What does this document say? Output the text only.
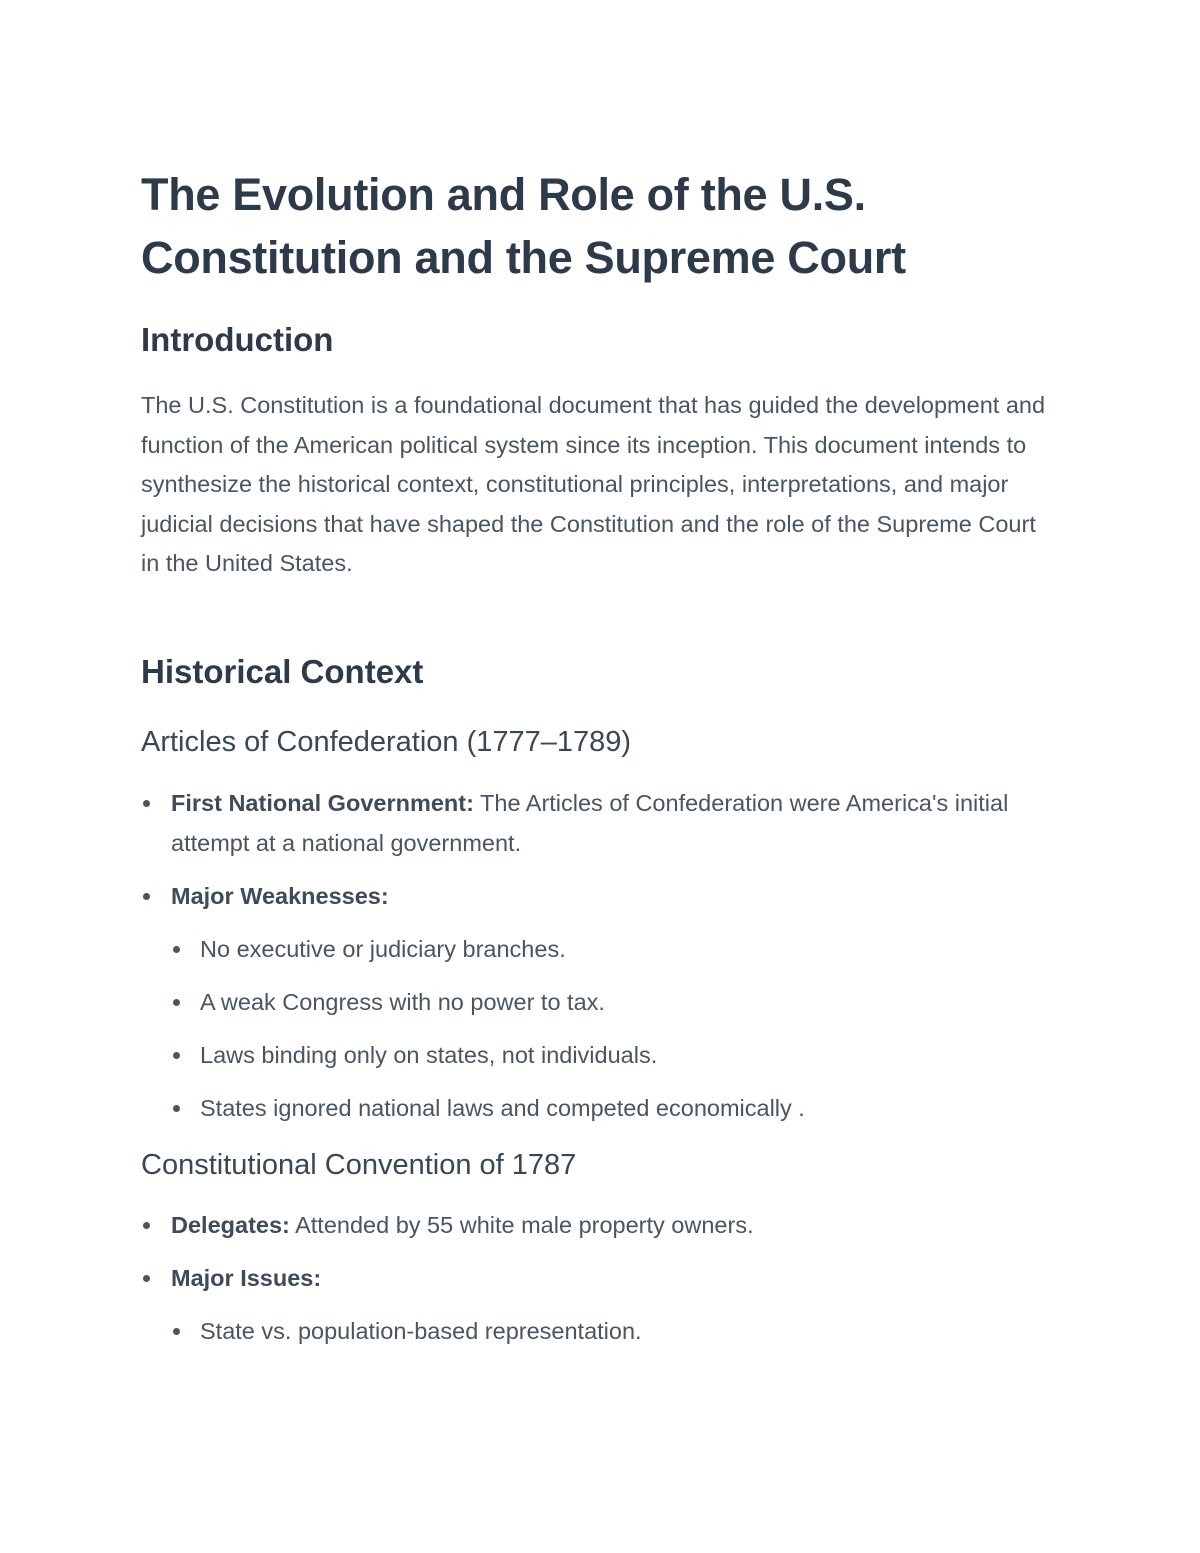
The Evolution and Role of the U.S. Constitution and the Supreme Court
Introduction

The U.S. Constitution is a foundational document that has guided the development and function of the American political system since its inception. This document intends to synthesize the historical context, constitutional principles, interpretations, and major judicial decisions that have shaped the Constitution and the role of the Supreme Court in the United States.

Historical Context
Articles of Confederation (1777–1789)
First National Government: The Articles of Confederation were America's initial attempt at a national government.
Major Weaknesses:
No executive or judiciary branches.
A weak Congress with no power to tax.
Laws binding only on states, not individuals.
States ignored national laws and competed economically .
Constitutional Convention of 1787
Delegates: Attended by 55 white male property owners.
Major Issues:
State vs. population-based representation.
